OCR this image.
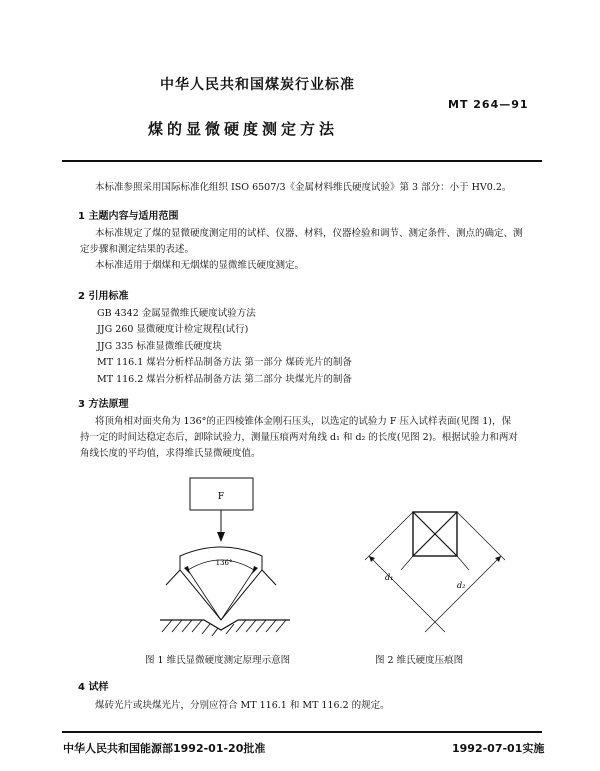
中华人民共和国煤炭行业标准
MT 264—91
煤的显微硬度测定方法
本标准参照采用国际标准化组织 ISO 6507/3《金属材料维氏硬度试验》第 3 部分：小于 HV0.2。
1 主题内容与适用范围
本标准规定了煤的显微硬度测定用的试样、仪器、材料，仪器检验和调节、测定条件、测点的确定、测
定步骤和测定结果的表述。
本标准适用于烟煤和无烟煤的显微维氏硬度测定。
2 引用标准
GB 4342 金属显微维氏硬度试验方法
JJG 260 显微硬度计检定规程(试行)
JJG 335 标准显微维氏硬度块
MT 116.1 煤岩分析样品制备方法 第一部分 煤砖光片的制备
MT 116.2 煤岩分析样品制备方法 第二部分 块煤光片的制备
3 方法原理
将顶角相对面夹角为 136°的正四棱锥体金刚石压头，以选定的试验力 F 压入试样表面(见图 1)，保
持一定的时间达稳定态后，卸除试验力，测量压痕两对角线 d₁ 和 d₂ 的长度(见图 2)。根据试验力和两对
角线长度的平均值，求得维氏显微硬度值。
F
136°
图 1 维氏显微硬度测定原理示意图
d₁
d₂
图 2 维氏硬度压痕图
4 试样
煤砖光片或块煤光片，分别应符合 MT 116.1 和 MT 116.2 的规定。
中华人民共和国能源部1992-01-20批准	1992-07-01实施
